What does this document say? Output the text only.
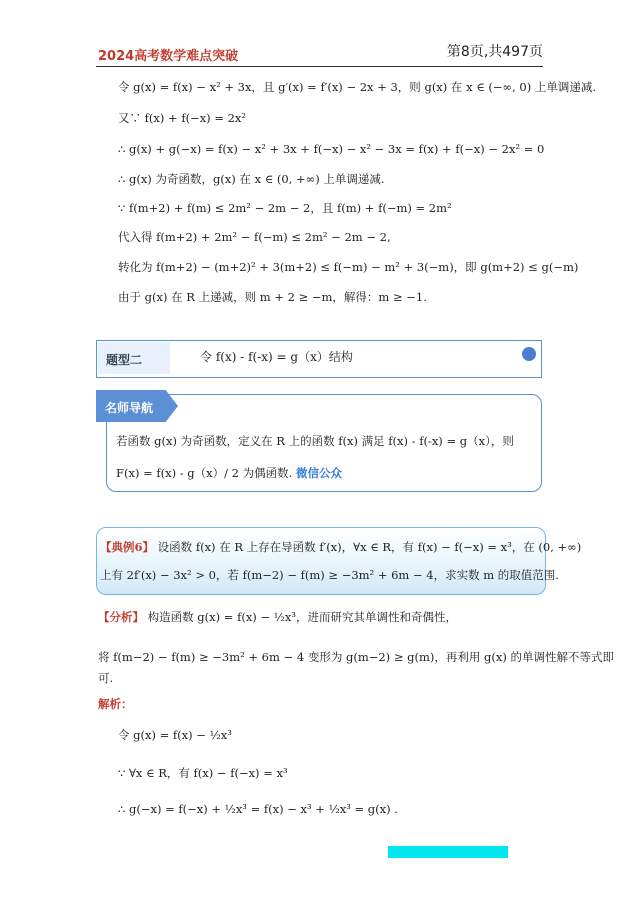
2024高考数学难点突破	第8页,共497页
令 g(x) = f(x) − x² + 3x，且 g′(x) = f′(x) − 2x + 3，则 g(x) 在 x ∈ (−∞, 0) 上单调递减.
又∵ f(x) + f(−x) = 2x²
∴ g(x) + g(−x) = f(x) − x² + 3x + f(−x) − x² − 3x = f(x) + f(−x) − 2x² = 0
∴ g(x) 为奇函数，g(x) 在 x ∈ (0, +∞) 上单调递减.
∵ f(m+2) + f(m) ≤ 2m² − 2m − 2，且 f(m) + f(−m) = 2m²
代入得 f(m+2) + 2m² − f(−m) ≤ 2m² − 2m − 2,
转化为 f(m+2) − (m+2)² + 3(m+2) ≤ f(−m) − m² + 3(−m)，即 g(m+2) ≤ g(−m)
由于 g(x) 在 R 上递减，则 m + 2 ≥ −m，解得：m ≥ −1.
题型二	令 f(x) - f(-x) = g（x）结构
名师导航
若函数 g(x) 为奇函数，定义在 R 上的函数 f(x) 满足 f(x) - f(-x) = g（x），则
F(x) = f(x) - g（x）/ 2 为偶函数. 微信公众
【典例6】 设函数 f(x) 在 R 上存在导函数 f′(x)，∀x ∈ R，有 f(x) − f(−x) = x³，在 (0, +∞)
上有 2f′(x) − 3x² > 0，若 f(m−2) − f(m) ≥ −3m² + 6m − 4，求实数 m 的取值范围.
【分析】 构造函数 g(x) = f(x) − ½x³，进而研究其单调性和奇偶性，
将 f(m−2) − f(m) ≥ −3m² + 6m − 4 变形为 g(m−2) ≥ g(m)，再利用 g(x) 的单调性解不等式即
可.
解析：
令 g(x) = f(x) − ½x³
∵ ∀x ∈ R，有 f(x) − f(−x) = x³
∴ g(−x) = f(−x) + ½x³ = f(x) − x³ + ½x³ = g(x) .
